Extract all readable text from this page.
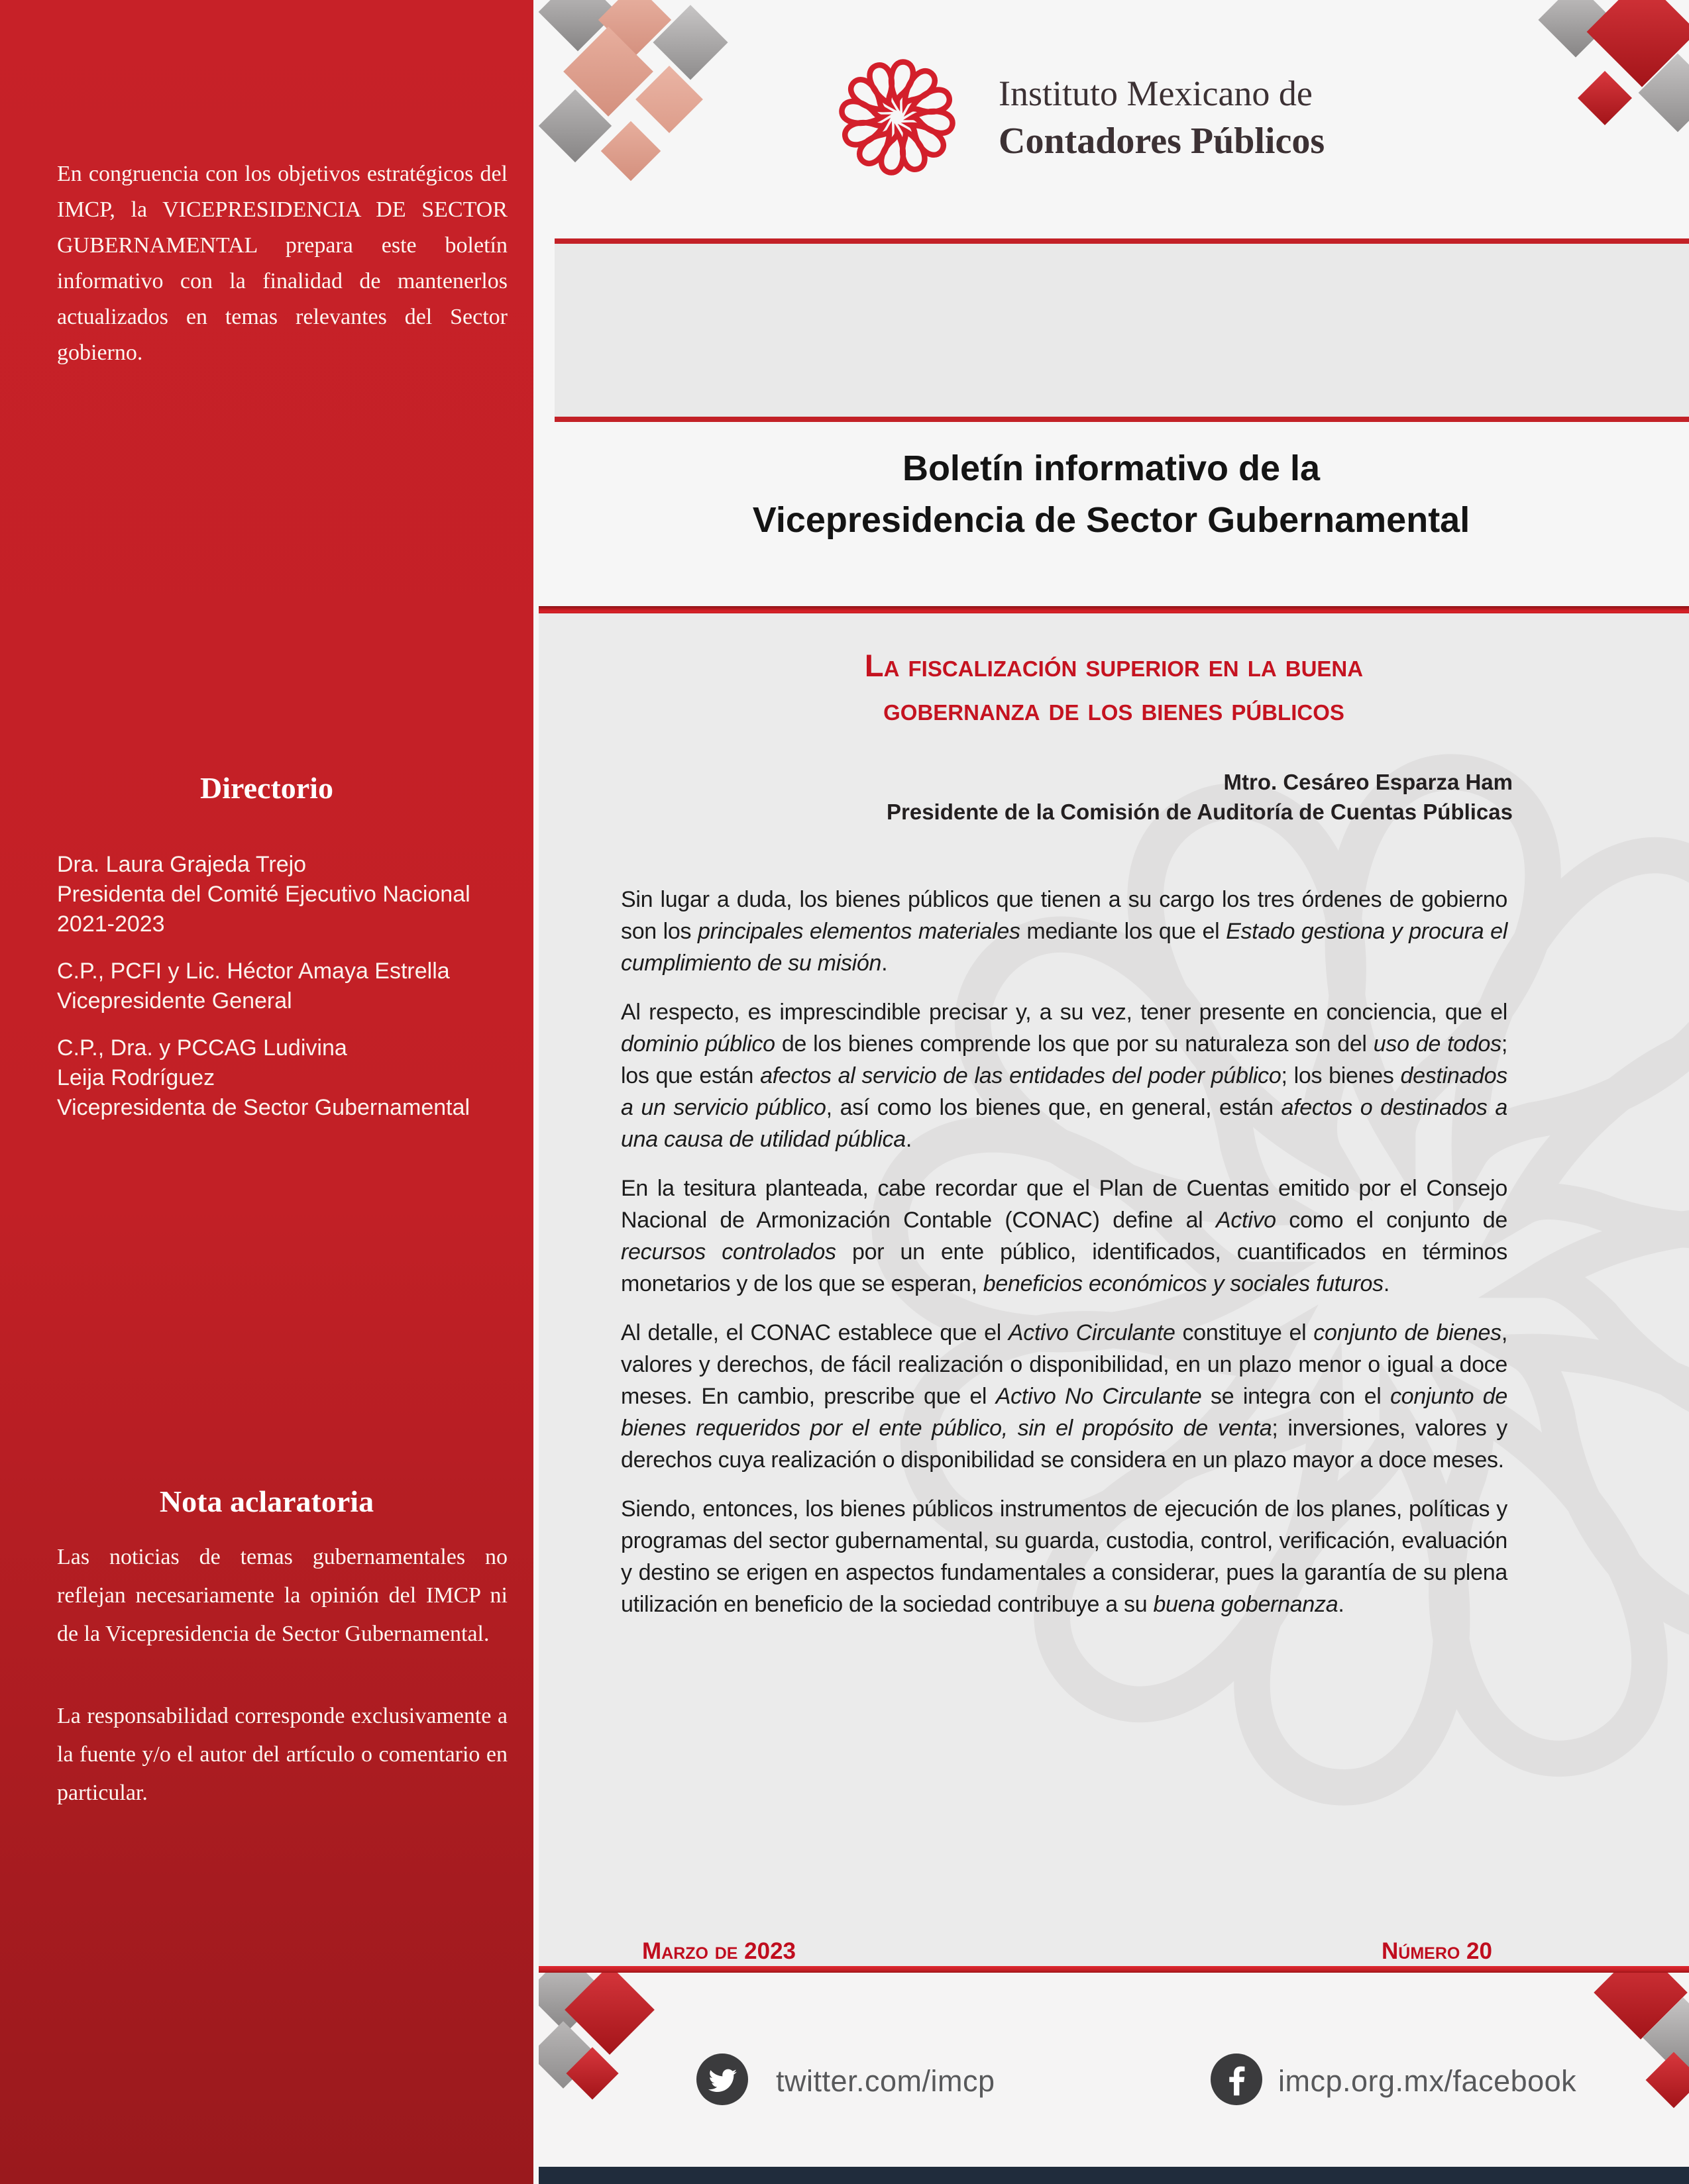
En congruencia con los objetivos estratégicos del IMCP, la VICEPRESIDENCIA DE SECTOR GUBERNAMENTAL prepara este boletín informativo con la finalidad de mantenerlos actualizados en temas relevantes del Sector gobierno.

Directorio

Dra. Laura Grajeda Trejo
Presidenta del Comité Ejecutivo Nacional
2021-2023

C.P., PCFI y Lic. Héctor Amaya Estrella
Vicepresidente General

C.P., Dra. y PCCAG Ludivina
Leija Rodríguez
Vicepresidenta de Sector Gubernamental

Nota aclaratoria

Las noticias de temas gubernamentales no reflejan necesariamente la opinión del IMCP ni de la Vicepresidencia de Sector Gubernamental.

La responsabilidad corresponde exclusivamente a la fuente y/o el autor del artículo o comentario en particular.

Instituto Mexicano de
Contadores Públicos
Boletín informativo de la
Vicepresidencia de Sector Gubernamental
La fiscalización superior en la buena
gobernanza de los bienes públicos
Mtro. Cesáreo Esparza Ham
Presidente de la Comisión de Auditoría de Cuentas Públicas

Sin lugar a duda, los bienes públicos que tienen a su cargo los tres órdenes de gobierno son los principales elementos materiales mediante los que el Estado gestiona y procura el cumplimiento de su misión.

Al respecto, es imprescindible precisar y, a su vez, tener presente en conciencia, que el dominio público de los bienes comprende los que por su naturaleza son del uso de todos; los que están afectos al servicio de las entidades del poder público; los bienes destinados a un servicio público, así como los bienes que, en general, están afectos o destinados a una causa de utilidad pública.

En la tesitura planteada, cabe recordar que el Plan de Cuentas emitido por el Consejo Nacional de Armonización Contable (CONAC) define al Activo como el conjunto de recursos controlados por un ente público, identificados, cuantificados en términos monetarios y de los que se esperan, beneficios económicos y sociales futuros.

Al detalle, el CONAC establece que el Activo Circulante constituye el conjunto de bienes, valores y derechos, de fácil realización o disponibilidad, en un plazo menor o igual a doce meses. En cambio, prescribe que el Activo No Circulante se integra con el conjunto de bienes requeridos por el ente público, sin el propósito de venta; inversiones, valores y derechos cuya realización o disponibilidad se considera en un plazo mayor a doce meses.

Siendo, entonces, los bienes públicos instrumentos de ejecución de los planes, políticas y programas del sector gubernamental, su guarda, custodia, control, verificación, evaluación y destino se erigen en aspectos fundamentales a considerar, pues la garantía de su plena utilización en beneficio de la sociedad contribuye a su buena gobernanza.

Marzo de 2023	Número 20
twitter.com/imcp	imcp.org.mx/facebook
